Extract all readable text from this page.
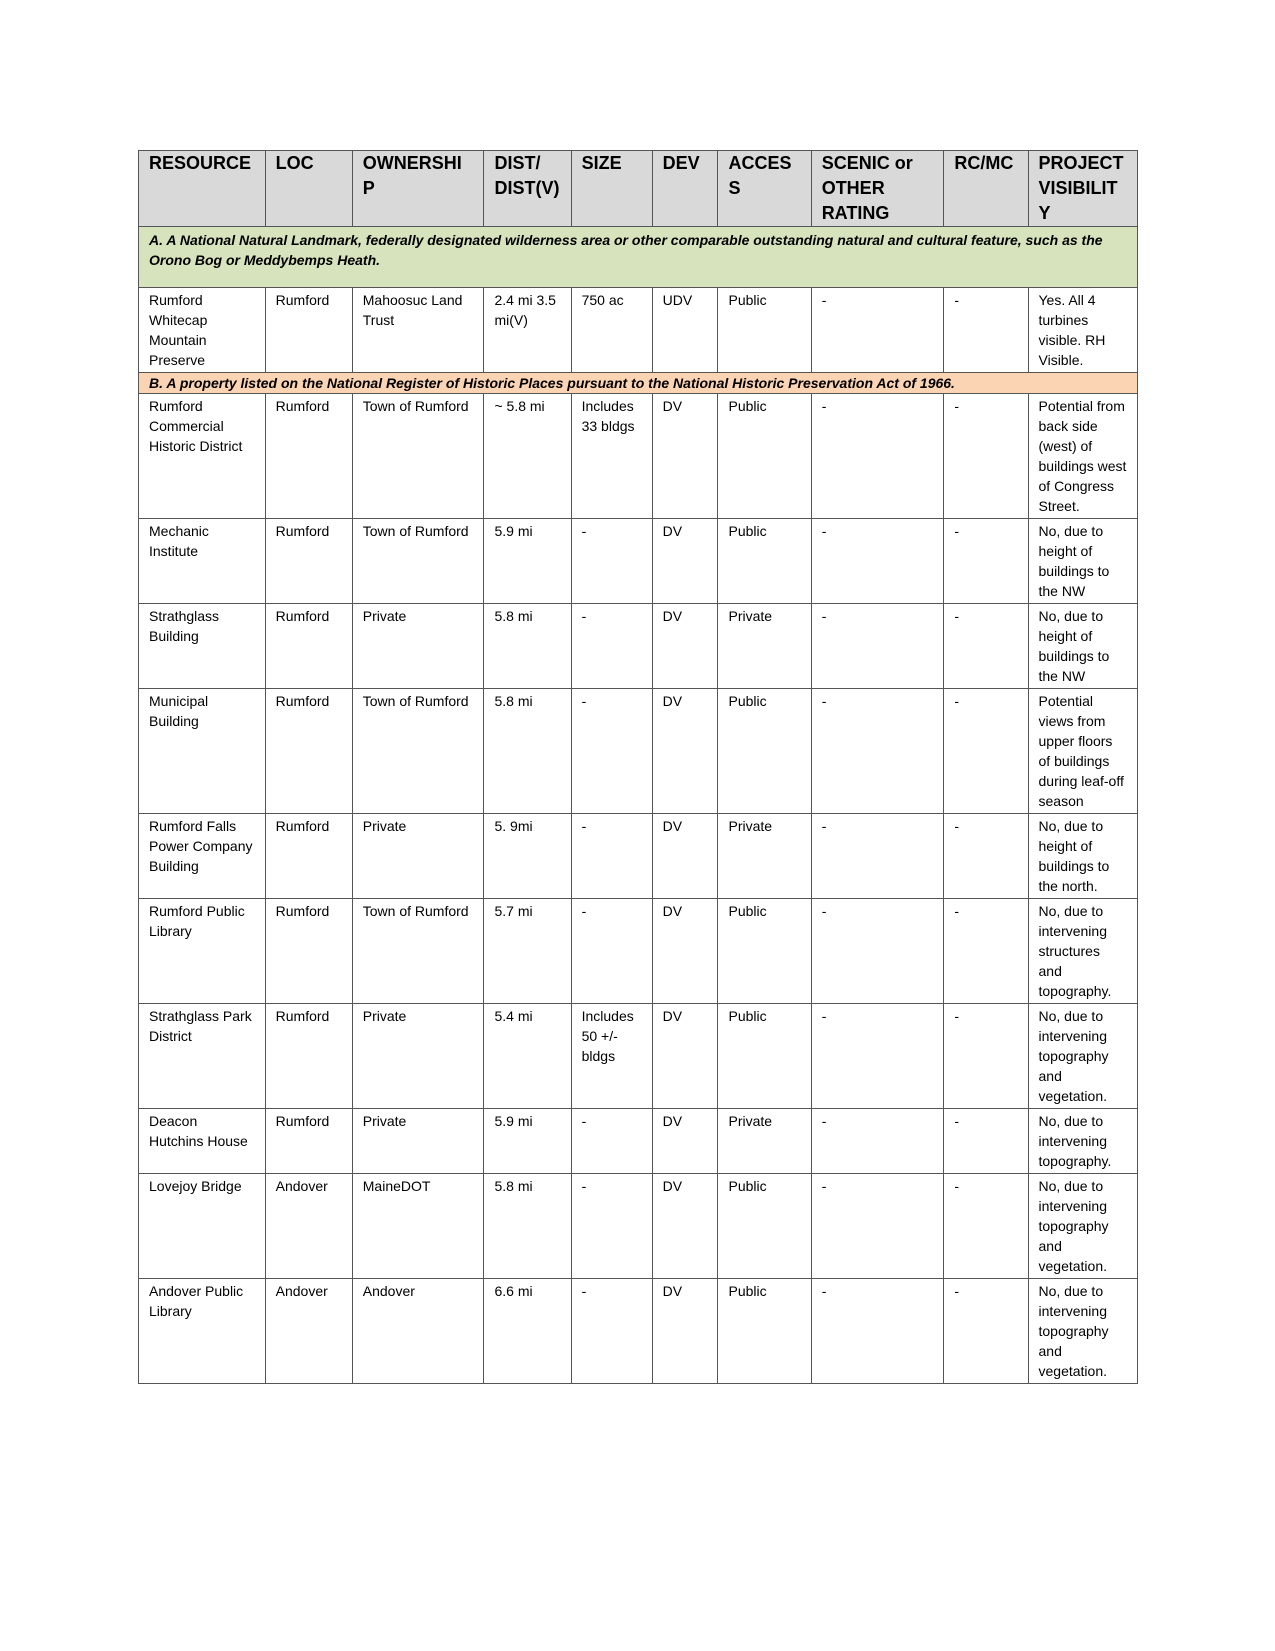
RESOURCE	LOC	OWNERSHIP	DIST/ DIST(V)	SIZE	DEV	ACCESS	SCENIC or OTHER RATING	RC/MC	PROJECT VISIBILITY
A. A National Natural Landmark, federally designated wilderness area or other comparable outstanding natural and cultural feature, such as the Orono Bog or Meddybemps Heath.									
Rumford Whitecap Mountain Preserve	Rumford	Mahoosuc Land Trust	2.4 mi 3.5 mi(V)	750 ac	UDV	Public	-	-	Yes. All 4 turbines visible. RH Visible.
B. A property listed on the National Register of Historic Places pursuant to the National Historic Preservation Act of 1966.									
Rumford Commercial Historic District	Rumford	Town of Rumford	~ 5.8 mi	Includes 33 bldgs	DV	Public	-	-	Potential from back side (west) of buildings west of Congress Street.
Mechanic Institute	Rumford	Town of Rumford	5.9 mi	-	DV	Public	-	-	No, due to height of buildings to the NW
Strathglass Building	Rumford	Private	5.8 mi	-	DV	Private	-	-	No, due to height of buildings to the NW
Municipal Building	Rumford	Town of Rumford	5.8 mi	-	DV	Public	-	-	Potential views from upper floors of buildings during leaf-off season
Rumford Falls Power Company Building	Rumford	Private	5. 9mi	-	DV	Private	-	-	No, due to height of buildings to the north.
Rumford Public Library	Rumford	Town of Rumford	5.7 mi	-	DV	Public	-	-	No, due to intervening structures and topography.
Strathglass Park District	Rumford	Private	5.4 mi	Includes 50 +/- bldgs	DV	Public	-	-	No, due to intervening topography and vegetation.
Deacon Hutchins House	Rumford	Private	5.9 mi	-	DV	Private	-	-	No, due to intervening topography.
Lovejoy Bridge	Andover	MaineDOT	5.8 mi	-	DV	Public	-	-	No, due to intervening topography and vegetation.
Andover Public Library	Andover	Andover	6.6 mi	-	DV	Public	-	-	No, due to intervening topography and vegetation.
